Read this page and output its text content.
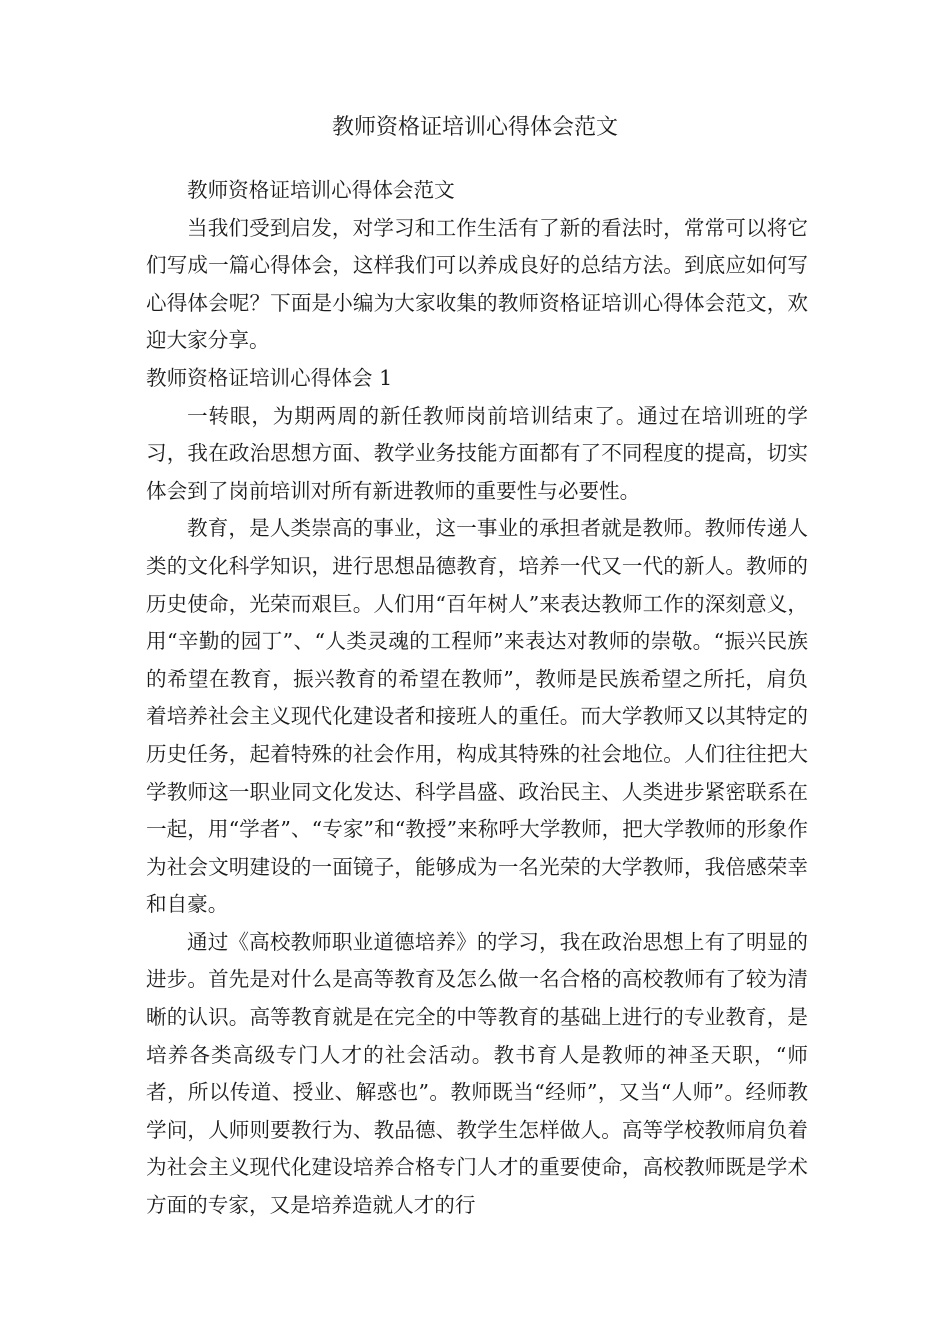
教师资格证培训心得体会范文

教师资格证培训心得体会范文

当我们受到启发，对学习和工作生活有了新的看法时，常常可以将它们写成一篇心得体会，这样我们可以养成良好的总结方法。到底应如何写心得体会呢？下面是小编为大家收集的教师资格证培训心得体会范文，欢迎大家分享。

教师资格证培训心得体会 1

一转眼，为期两周的新任教师岗前培训结束了。通过在培训班的学习，我在政治思想方面、教学业务技能方面都有了不同程度的提高，切实体会到了岗前培训对所有新进教师的重要性与必要性。

教育，是人类崇高的事业，这一事业的承担者就是教师。教师传递人类的文化科学知识，进行思想品德教育，培养一代又一代的新人。教师的历史使命，光荣而艰巨。人们用“百年树人”来表达教师工作的深刻意义，用“辛勤的园丁”、“人类灵魂的工程师”来表达对教师的崇敬。“振兴民族的希望在教育，振兴教育的希望在教师”，教师是民族希望之所托，肩负着培养社会主义现代化建设者和接班人的重任。而大学教师又以其特定的历史任务，起着特殊的社会作用，构成其特殊的社会地位。人们往往把大学教师这一职业同文化发达、科学昌盛、政治民主、人类进步紧密联系在一起，用“学者”、“专家”和“教授”来称呼大学教师，把大学教师的形象作为社会文明建设的一面镜子，能够成为一名光荣的大学教师，我倍感荣幸和自豪。

通过《高校教师职业道德培养》的学习，我在政治思想上有了明显的进步。首先是对什么是高等教育及怎么做一名合格的高校教师有了较为清晰的认识。高等教育就是在完全的中等教育的基础上进行的专业教育，是培养各类高级专门人才的社会活动。教书育人是教师的神圣天职，“师者，所以传道、授业、解惑也”。教师既当“经师”，又当“人师”。经师教学问，人师则要教行为、教品德、教学生怎样做人。高等学校教师肩负着为社会主义现代化建设培养合格专门人才的重要使命，高校教师既是学术方面的专家，又是培养造就人才的行
